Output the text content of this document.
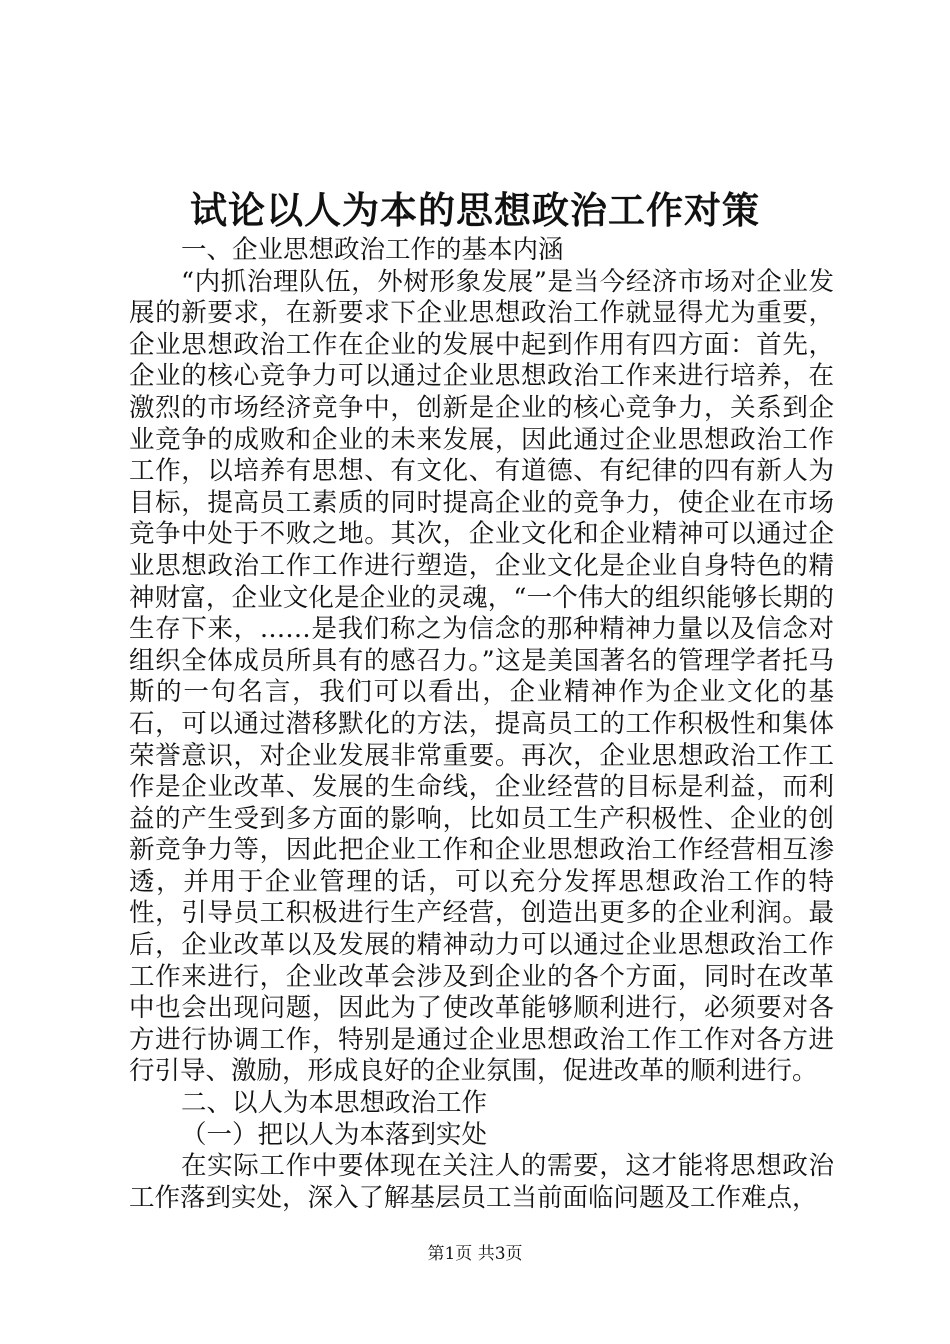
试论以人为本的思想政治工作对策

一、企业思想政治工作的基本内涵

“内抓治理队伍，外树形象发展”是当今经济市场对企业发展的新要求，在新要求下企业思想政治工作就显得尤为重要，企业思想政治工作在企业的发展中起到作用有四方面：首先，企业的核心竞争力可以通过企业思想政治工作来进行培养，在激烈的市场经济竞争中，创新是企业的核心竞争力，关系到企业竞争的成败和企业的未来发展，因此通过企业思想政治工作工作，以培养有思想、有文化、有道德、有纪律的四有新人为目标，提高员工素质的同时提高企业的竞争力，使企业在市场竞争中处于不败之地。其次，企业文化和企业精神可以通过企业思想政治工作工作进行塑造，企业文化是企业自身特色的精神财富，企业文化是企业的灵魂，“一个伟大的组织能够长期的生存下来，……是我们称之为信念的那种精神力量以及信念对组织全体成员所具有的感召力。”这是美国著名的管理学者托马斯的一句名言，我们可以看出，企业精神作为企业文化的基石，可以通过潜移默化的方法，提高员工的工作积极性和集体荣誉意识，对企业发展非常重要。再次，企业思想政治工作工作是企业改革、发展的生命线，企业经营的目标是利益，而利益的产生受到多方面的影响，比如员工生产积极性、企业的创新竞争力等，因此把企业工作和企业思想政治工作经营相互渗透，并用于企业管理的话，可以充分发挥思想政治工作的特性，引导员工积极进行生产经营，创造出更多的企业利润。最后，企业改革以及发展的精神动力可以通过企业思想政治工作工作来进行，企业改革会涉及到企业的各个方面，同时在改革中也会出现问题，因此为了使改革能够顺利进行，必须要对各方进行协调工作，特别是通过企业思想政治工作工作对各方进行引导、激励，形成良好的企业氛围，促进改革的顺利进行。

二、以人为本思想政治工作

（一）把以人为本落到实处

在实际工作中要体现在关注人的需要，这才能将思想政治工作落到实处，深入了解基层员工当前面临问题及工作难点，

第1页 共3页
